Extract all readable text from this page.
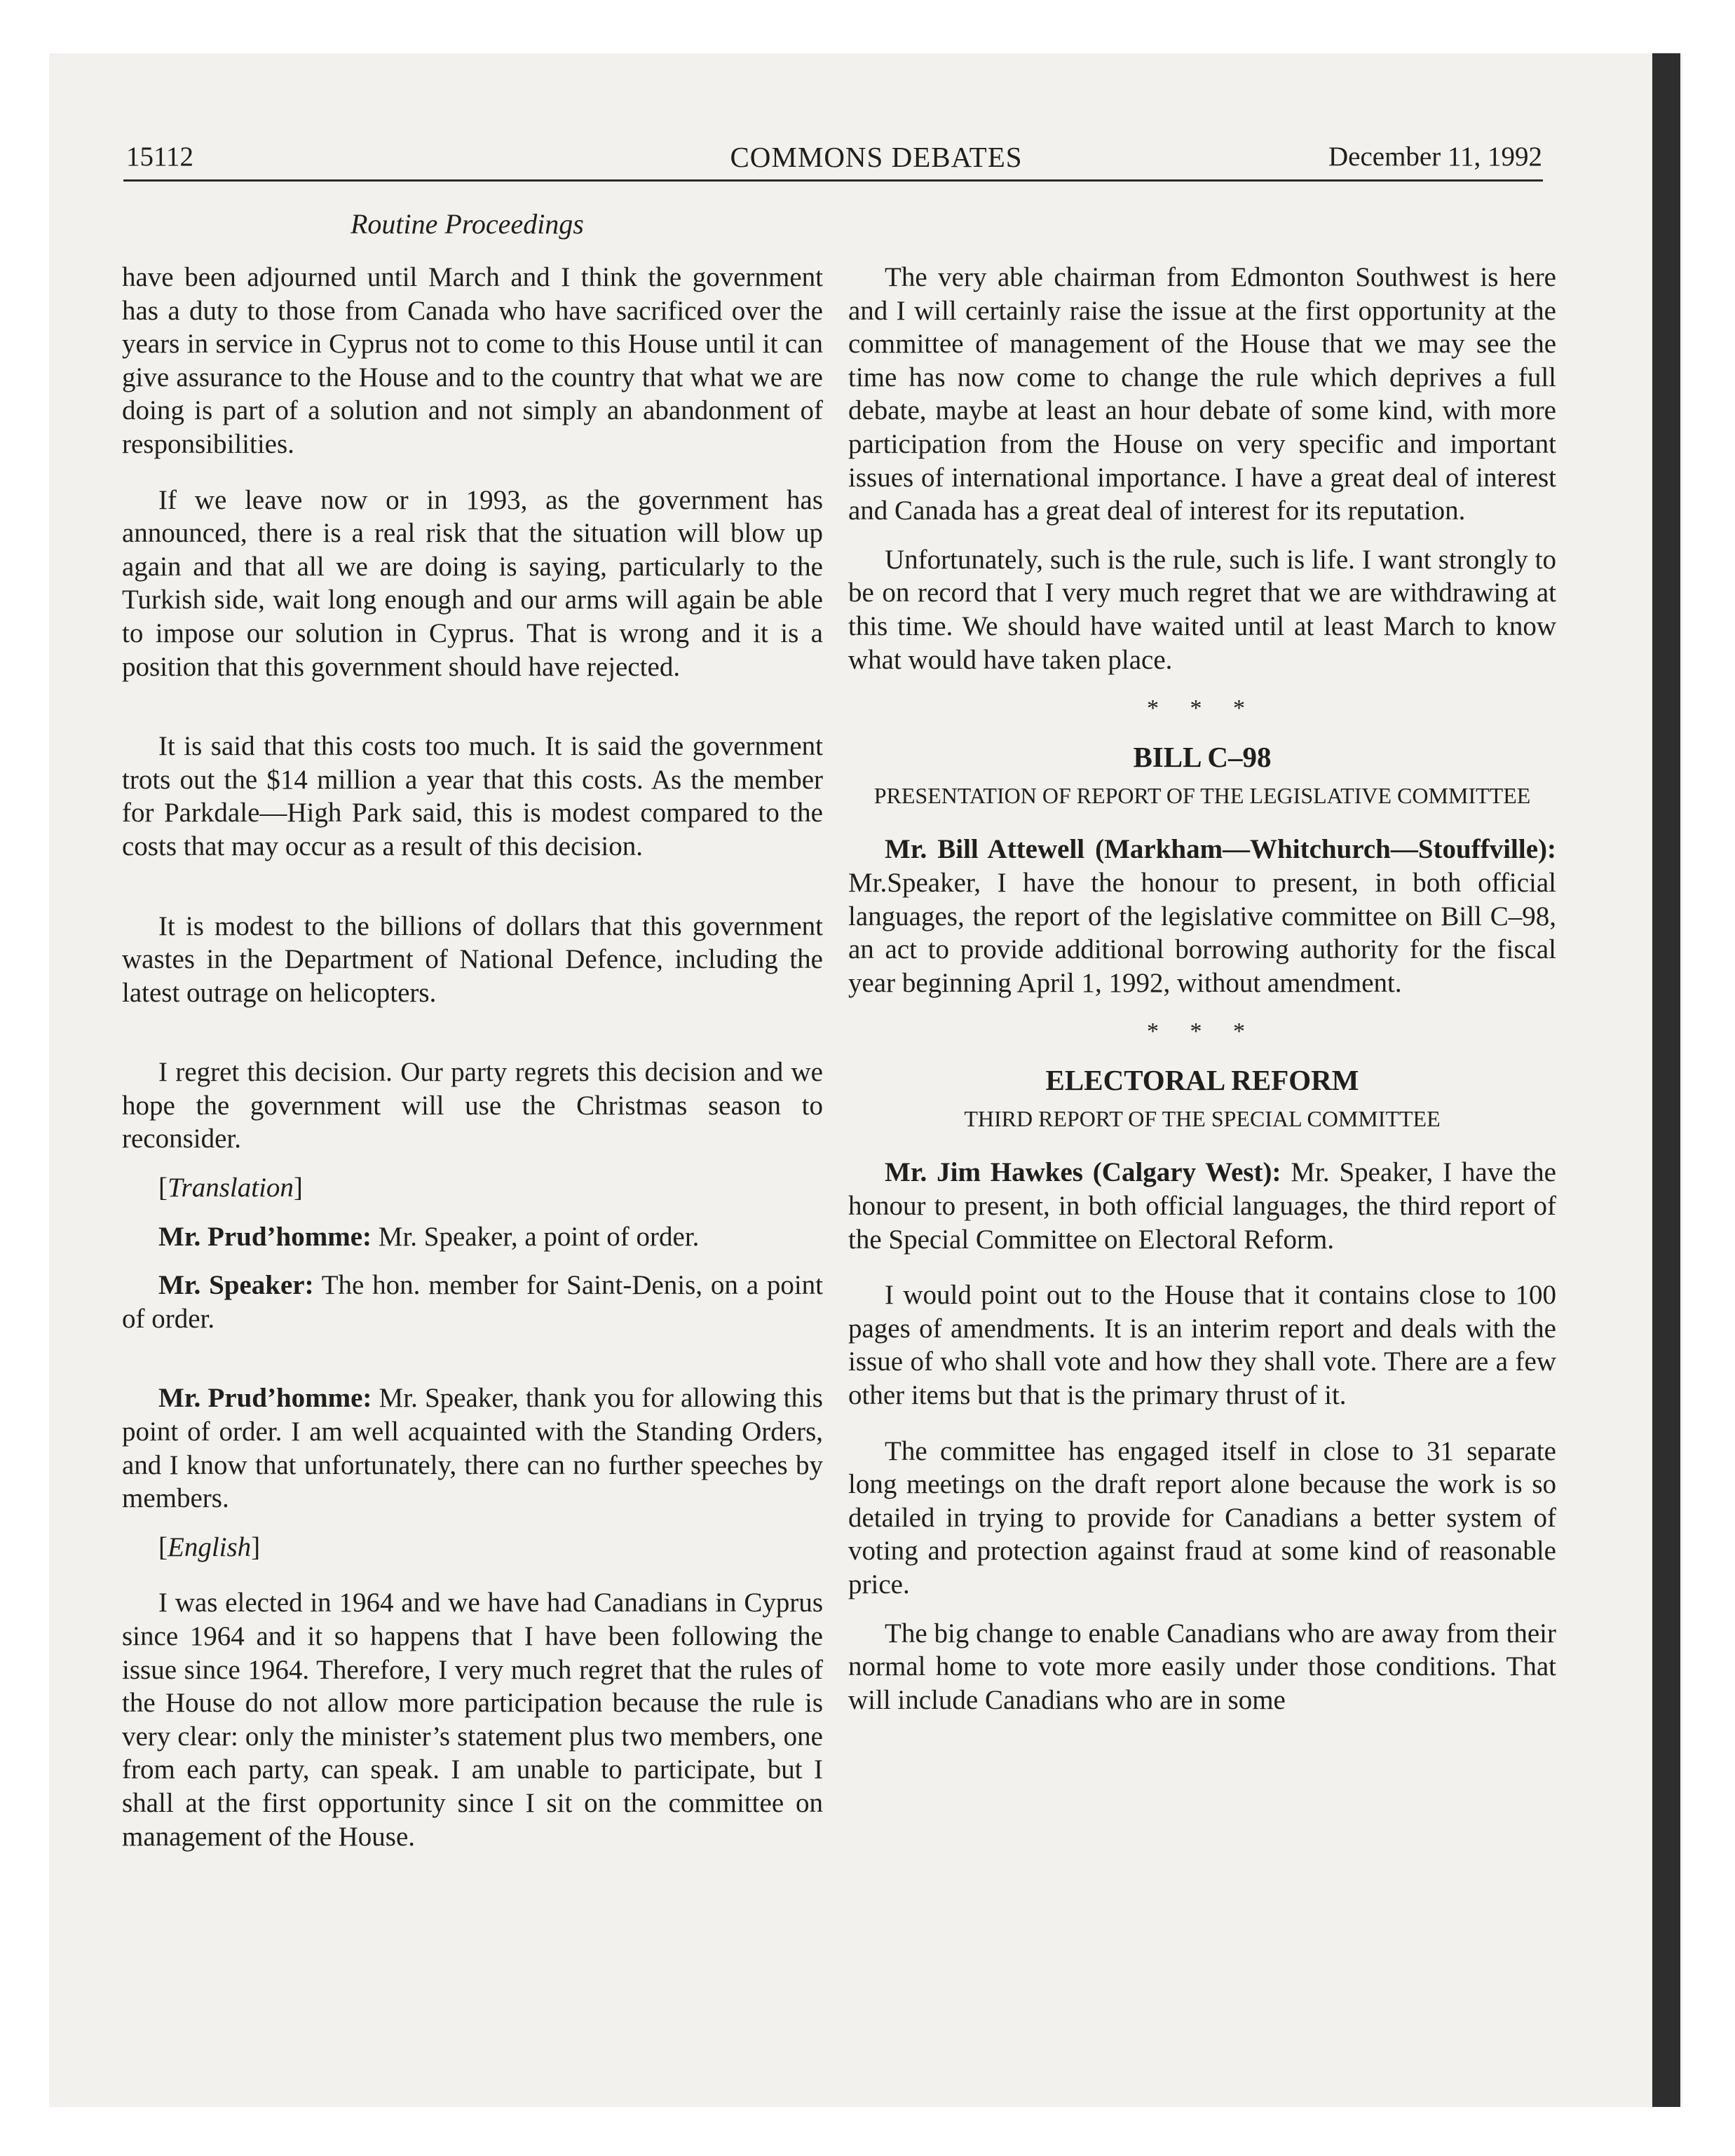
15112	COMMONS DEBATES	December 11, 1992
Routine Proceedings

have been adjourned until March and I think the government has a duty to those from Canada who have sacrificed over the years in service in Cyprus not to come to this House until it can give assurance to the House and to the country that what we are doing is part of a solution and not simply an abandonment of responsibilities.

If we leave now or in 1993, as the government has announced, there is a real risk that the situation will blow up again and that all we are doing is saying, particularly to the Turkish side, wait long enough and our arms will again be able to impose our solution in Cyprus. That is wrong and it is a position that this government should have rejected.

It is said that this costs too much. It is said the government trots out the $14 million a year that this costs. As the member for Parkdale—High Park said, this is modest compared to the costs that may occur as a result of this decision.

It is modest to the billions of dollars that this government wastes in the Department of National Defence, including the latest outrage on helicopters.

I regret this decision. Our party regrets this decision and we hope the government will use the Christmas season to reconsider.

[Translation]

Mr. Prud’homme: Mr. Speaker, a point of order.

Mr. Speaker: The hon. member for Saint-Denis, on a point of order.

Mr. Prud’homme: Mr. Speaker, thank you for allowing this point of order. I am well acquainted with the Standing Orders, and I know that unfortunately, there can no further speeches by members.

[English]

I was elected in 1964 and we have had Canadians in Cyprus since 1964 and it so happens that I have been following the issue since 1964. Therefore, I very much regret that the rules of the House do not allow more participation because the rule is very clear: only the minister’s statement plus two members, one from each party, can speak. I am unable to participate, but I shall at the first opportunity since I sit on the committee on management of the House.

The very able chairman from Edmonton Southwest is here and I will certainly raise the issue at the first opportunity at the committee of management of the House that we may see the time has now come to change the rule which deprives a full debate, maybe at least an hour debate of some kind, with more participation from the House on very specific and important issues of international importance. I have a great deal of interest and Canada has a great deal of interest for its reputation.

Unfortunately, such is the rule, such is life. I want strongly to be on record that I very much regret that we are withdrawing at this time. We should have waited until at least March to know what would have taken place.

* * *

BILL C–98

PRESENTATION OF REPORT OF THE LEGISLATIVE COMMITTEE

Mr. Bill Attewell (Markham—Whitchurch—Stouffville): Mr.Speaker, I have the honour to present, in both official languages, the report of the legislative committee on Bill C–98, an act to provide additional borrowing authority for the fiscal year beginning April 1, 1992, without amendment.

* * *

ELECTORAL REFORM

THIRD REPORT OF THE SPECIAL COMMITTEE

Mr. Jim Hawkes (Calgary West): Mr. Speaker, I have the honour to present, in both official languages, the third report of the Special Committee on Electoral Reform.

I would point out to the House that it contains close to 100 pages of amendments. It is an interim report and deals with the issue of who shall vote and how they shall vote. There are a few other items but that is the primary thrust of it.

The committee has engaged itself in close to 31 separate long meetings on the draft report alone because the work is so detailed in trying to provide for Canadians a better system of voting and protection against fraud at some kind of reasonable price.

The big change to enable Canadians who are away from their normal home to vote more easily under those conditions. That will include Canadians who are in some
